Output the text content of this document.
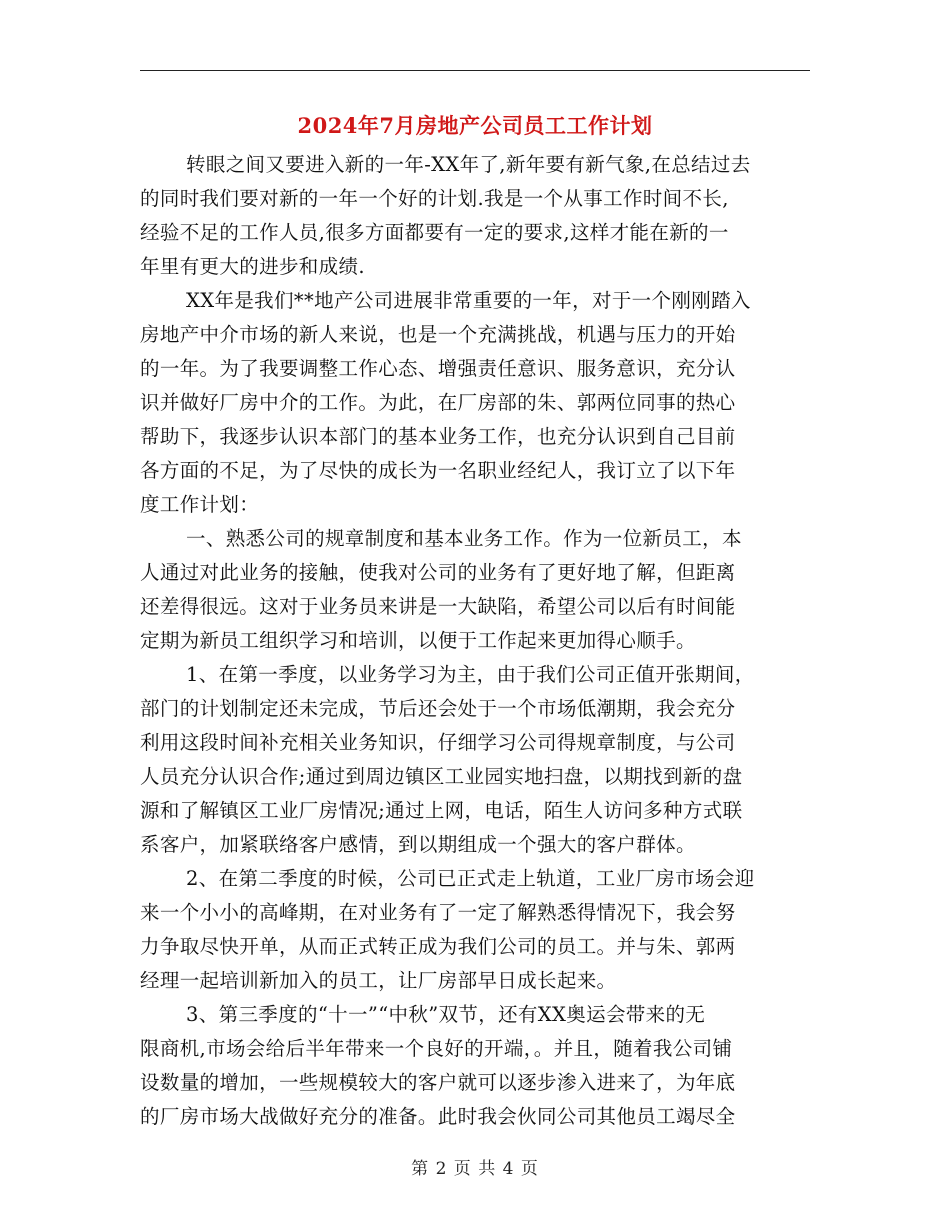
2024年7月房地产公司员工工作计划
转眼之间又要进入新的一年-XX年了,新年要有新气象,在总结过去
的同时我们要对新的一年一个好的计划.我是一个从事工作时间不长,
经验不足的工作人员,很多方面都要有一定的要求,这样才能在新的一
年里有更大的进步和成绩.
XX年是我们**地产公司进展非常重要的一年，对于一个刚刚踏入
房地产中介市场的新人来说，也是一个充满挑战，机遇与压力的开始
的一年。为了我要调整工作心态、增强责任意识、服务意识，充分认
识并做好厂房中介的工作。为此，在厂房部的朱、郭两位同事的热心
帮助下，我逐步认识本部门的基本业务工作，也充分认识到自己目前
各方面的不足，为了尽快的成长为一名职业经纪人，我订立了以下年
度工作计划：
一、熟悉公司的规章制度和基本业务工作。作为一位新员工，本
人通过对此业务的接触，使我对公司的业务有了更好地了解，但距离
还差得很远。这对于业务员来讲是一大缺陷，希望公司以后有时间能
定期为新员工组织学习和培训，以便于工作起来更加得心顺手。
1、在第一季度，以业务学习为主，由于我们公司正值开张期间，
部门的计划制定还未完成，节后还会处于一个市场低潮期，我会充分
利用这段时间补充相关业务知识，仔细学习公司得规章制度，与公司
人员充分认识合作;通过到周边镇区工业园实地扫盘，以期找到新的盘
源和了解镇区工业厂房情况;通过上网，电话，陌生人访问多种方式联
系客户，加紧联络客户感情，到以期组成一个强大的客户群体。
2、在第二季度的时候，公司已正式走上轨道，工业厂房市场会迎
来一个小小的高峰期，在对业务有了一定了解熟悉得情况下，我会努
力争取尽快开单，从而正式转正成为我们公司的员工。并与朱、郭两
经理一起培训新加入的员工，让厂房部早日成长起来。
3、第三季度的“十一”“中秋”双节，还有XX奥运会带来的无
限商机,市场会给后半年带来一个良好的开端，。并且，随着我公司铺
设数量的增加，一些规模较大的客户就可以逐步渗入进来了，为年底
的厂房市场大战做好充分的准备。此时我会伙同公司其他员工竭尽全
第 2 页 共 4 页
